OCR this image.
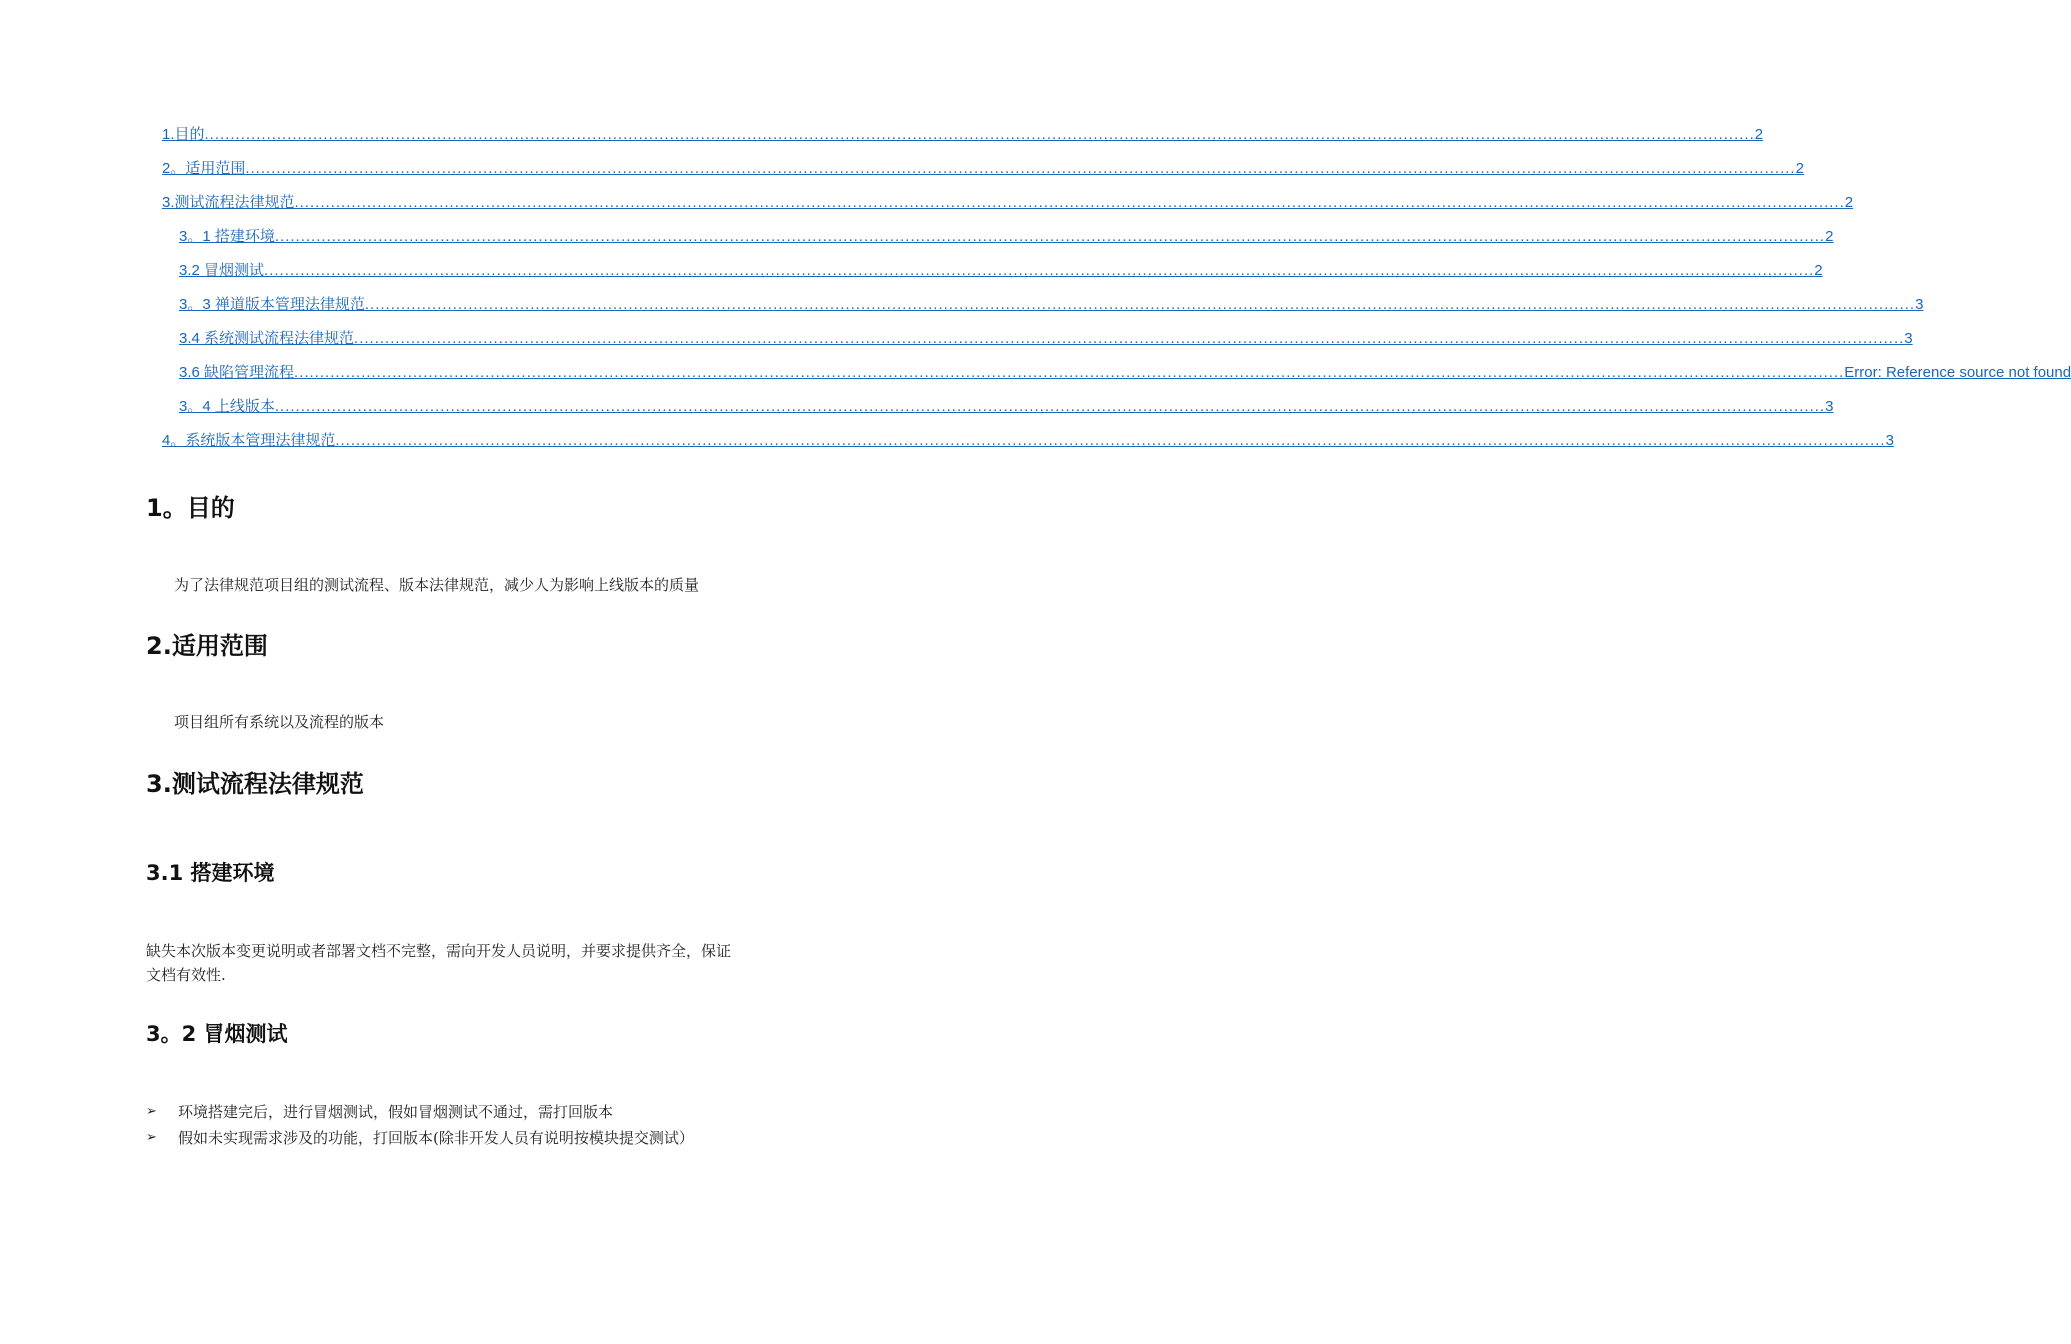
1.目的 ............................................................................................................................................................................................................................................................................................................ 2
2。适用范围 ............................................................................................................................................................................................................................................................................................................ 2
3.测试流程法律规范 ............................................................................................................................................................................................................................................................................................................ 2
3。1 搭建环境 ............................................................................................................................................................................................................................................................................................................ 2
3.2 冒烟测试 ............................................................................................................................................................................................................................................................................................................ 2
3。3 禅道版本管理法律规范 ............................................................................................................................................................................................................................................................................................................ 3
3.4 系统测试流程法律规范 ............................................................................................................................................................................................................................................................................................................ 3
3.6 缺陷管理流程 ............................................................................................................................................................................................................................................................................................................ Error: Reference source not found
3。4 上线版本 ............................................................................................................................................................................................................................................................................................................ 3
4。系统版本管理法律规范 ............................................................................................................................................................................................................................................................................................................ 3
1。目的
为了法律规范项目组的测试流程、版本法律规范，减少人为影响上线版本的质量
2.适用范围
项目组所有系统以及流程的版本
3.测试流程法律规范
3.1 搭建环境
缺失本次版本变更说明或者部署文档不完整，需向开发人员说明，并要求提供齐全，保证
文档有效性.
3。2 冒烟测试
➢	环境搭建完后，进行冒烟测试，假如冒烟测试不通过，需打回版本
➢	假如未实现需求涉及的功能，打回版本(除非开发人员有说明按模块提交测试）
